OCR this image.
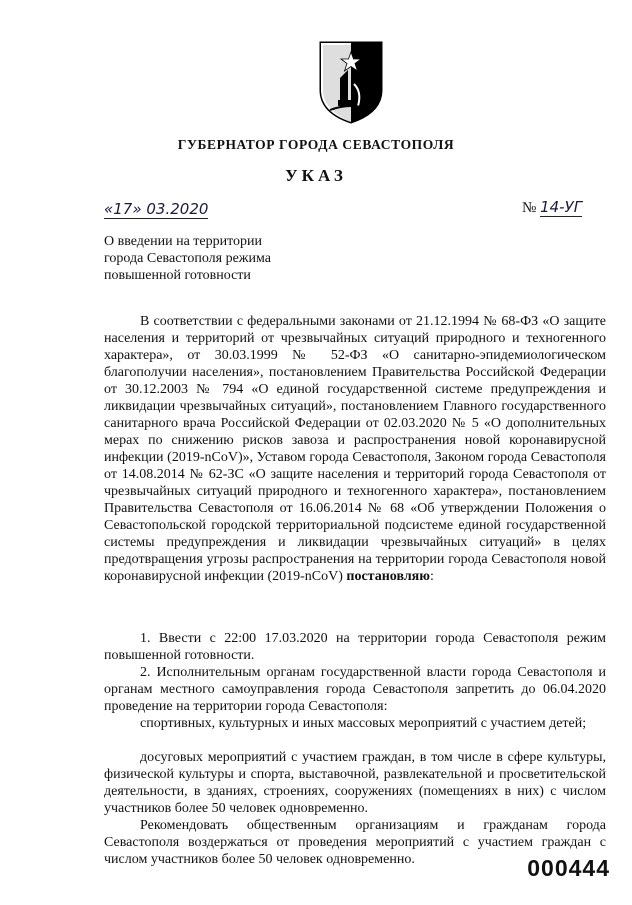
ГУБЕРНАТОР ГОРОДА СЕВАСТОПОЛЯ
УКАЗ
«17» 03.2020	№ 14-УГ
О введении на территории города Севастополя режима повышенной готовности
В соответствии с федеральными законами от 21.12.1994 № 68-ФЗ «О защите населения и территорий от чрезвычайных ситуаций природного и техногенного характера», от 30.03.1999 № 52-ФЗ «О санитарно-эпидемиологическом благополучии населения», постановлением Правительства Российской Федерации от 30.12.2003 № 794 «О единой государственной системе предупреждения и ликвидации чрезвычайных ситуаций», постановлением Главного государственного санитарного врача Российской Федерации от 02.03.2020 № 5 «О дополнительных мерах по снижению рисков завоза и распространения новой коронавирусной инфекции (2019-nCoV)», Уставом города Севастополя, Законом города Севастополя от 14.08.2014 № 62-ЗС «О защите населения и территорий города Севастополя от чрезвычайных ситуаций природного и техногенного характера», постановлением Правительства Севастополя от 16.06.2014 № 68 «Об утверждении Положения о Севастопольской городской территориальной подсистеме единой государственной системы предупреждения и ликвидации чрезвычайных ситуаций» в целях предотвращения угрозы распространения на территории города Севастополя новой коронавирусной инфекции (2019-nCoV) постановляю:
1. Ввести с 22:00 17.03.2020 на территории города Севастополя режим повышенной готовности.
2. Исполнительным органам государственной власти города Севастополя и органам местного самоуправления города Севастополя запретить до 06.04.2020 проведение на территории города Севастополя:
спортивных, культурных и иных массовых мероприятий с участием детей;
досуговых мероприятий с участием граждан, в том числе в сфере культуры, физической культуры и спорта, выставочной, развлекательной и просветительской деятельности, в зданиях, строениях, сооружениях (помещениях в них) с числом участников более 50 человек одновременно.
Рекомендовать общественным организациям и гражданам города Севастополя воздержаться от проведения мероприятий с участием граждан с числом участников более 50 человек одновременно.	000444
